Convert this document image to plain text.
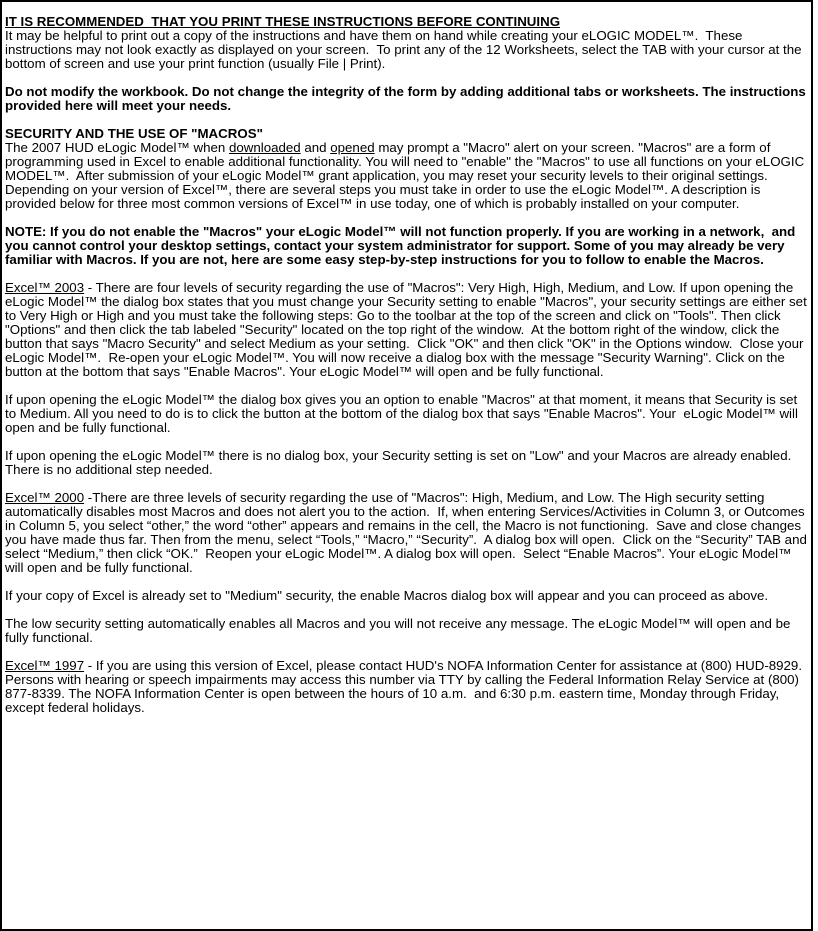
IT IS RECOMMENDED  THAT YOU PRINT THESE INSTRUCTIONS BEFORE CONTINUING

It may be helpful to print out a copy of the instructions and have them on hand while creating your eLOGIC MODEL™.  These instructions may not look exactly as displayed on your screen.  To print any of the 12 Worksheets, select the TAB with your cursor at the bottom of screen and use your print function (usually File | Print).

Do not modify the workbook. Do not change the integrity of the form by adding additional tabs or worksheets. The instructions provided here will meet your needs.

SECURITY AND THE USE OF "MACROS"

The 2007 HUD eLogic Model™ when downloaded and opened may prompt a "Macro" alert on your screen. "Macros" are a form of programming used in Excel to enable additional functionality. You will need to "enable" the "Macros" to use all functions on your eLOGIC MODEL™.  After submission of your eLogic Model™ grant application, you may reset your security levels to their original settings. Depending on your version of Excel™, there are several steps you must take in order to use the eLogic Model™. A description is provided below for three most common versions of Excel™ in use today, one of which is probably installed on your computer.

NOTE: If you do not enable the "Macros" your eLogic Model™ will not function properly. If you are working in a network,  and you cannot control your desktop settings, contact your system administrator for support. Some of you may already be very familiar with Macros. If you are not, here are some easy step-by-step instructions for you to follow to enable the Macros.

Excel™ 2003 - There are four levels of security regarding the use of "Macros": Very High, High, Medium, and Low. If upon opening the eLogic Model™ the dialog box states that you must change your Security setting to enable "Macros", your security settings are either set to Very High or High and you must take the following steps: Go to the toolbar at the top of the screen and click on "Tools". Then click "Options" and then click the tab labeled "Security" located on the top right of the window.  At the bottom right of the window, click the button that says "Macro Security" and select Medium as your setting.  Click "OK" and then click "OK" in the Options window.  Close your eLogic Model™.  Re-open your eLogic Model™. You will now receive a dialog box with the message "Security Warning". Click on the button at the bottom that says "Enable Macros". Your eLogic Model™ will open and be fully functional.

If upon opening the eLogic Model™ the dialog box gives you an option to enable "Macros" at that moment, it means that Security is set to Medium. All you need to do is to click the button at the bottom of the dialog box that says "Enable Macros". Your  eLogic Model™ will open and be fully functional.

If upon opening the eLogic Model™ there is no dialog box, your Security setting is set on "Low" and your Macros are already enabled. There is no additional step needed.

Excel™ 2000 -There are three levels of security regarding the use of "Macros": High, Medium, and Low. The High security setting automatically disables most Macros and does not alert you to the action.  If, when entering Services/Activities in Column 3, or Outcomes in Column 5, you select “other,” the word “other” appears and remains in the cell, the Macro is not functioning.  Save and close changes you have made thus far. Then from the menu, select “Tools,” “Macro,” “Security”.  A dialog box will open.  Click on the “Security” TAB and select “Medium,” then click “OK.”  Reopen your eLogic Model™. A dialog box will open.  Select “Enable Macros”. Your eLogic Model™ will open and be fully functional.

If your copy of Excel is already set to "Medium" security, the enable Macros dialog box will appear and you can proceed as above.

The low security setting automatically enables all Macros and you will not receive any message. The eLogic Model™ will open and be fully functional.

Excel™ 1997 - If you are using this version of Excel, please contact HUD's NOFA Information Center for assistance at (800) HUD-8929. Persons with hearing or speech impairments may access this number via TTY by calling the Federal Information Relay Service at (800) 877-8339. The NOFA Information Center is open between the hours of 10 a.m.  and 6:30 p.m. eastern time, Monday through Friday, except federal holidays.
